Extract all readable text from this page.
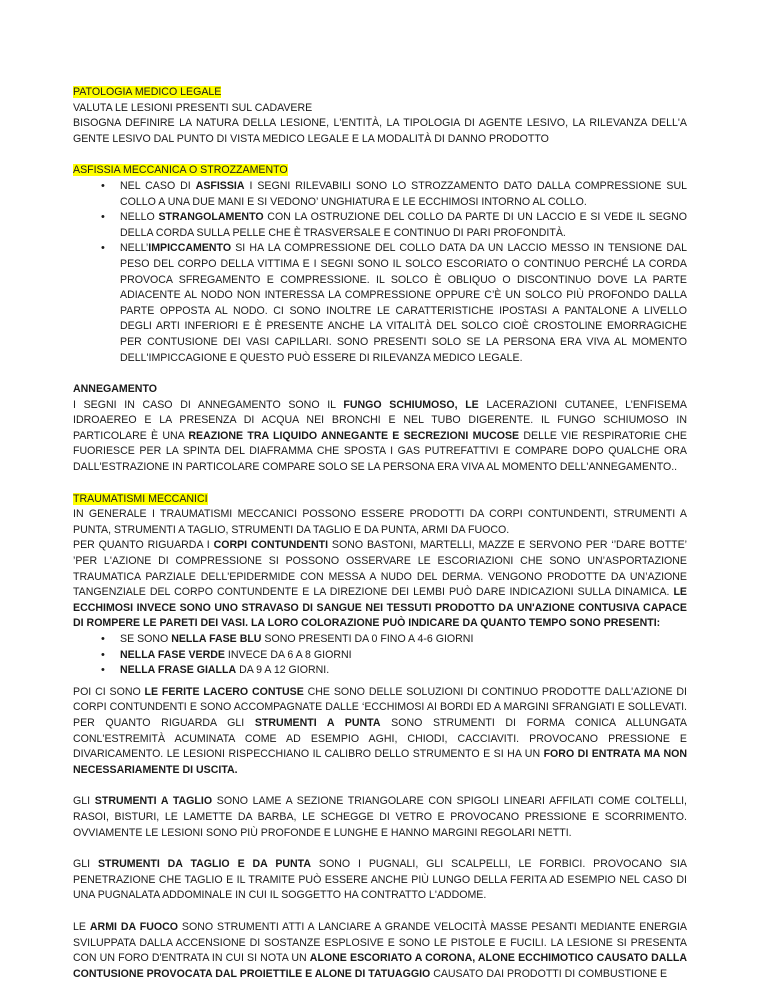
PATOLOGIA MEDICO LEGALE
VALUTA LE LESIONI PRESENTI SUL CADAVERE
BISOGNA DEFINIRE LA NATURA DELLA LESIONE, L'ENTITÀ, LA TIPOLOGIA DI AGENTE LESIVO, LA RILEVANZA DELL'A GENTE LESIVO DAL PUNTO DI VISTA MEDICO LEGALE E LA MODALITÀ DI DANNO PRODOTTO
ASFISSIA MECCANICA O STROZZAMENTO
• NEL CASO DI ASFISSIA I SEGNI RILEVABILI SONO LO STROZZAMENTO DATO DALLA COMPRESSIONE SUL COLLO A UNA DUE MANI E SI VEDONO’ UNGHIATURA E LE ECCHIMOSI INTORNO AL COLLO.
• NELLO STRANGOLAMENTO CON LA OSTRUZIONE DEL COLLO DA PARTE DI UN LACCIO E SI VEDE IL SEGNO DELLA CORDA SULLA PELLE CHE È TRASVERSALE E CONTINUO DI PARI PROFONDITÀ.
• NELL’IMPICCAMENTO SI HA LA COMPRESSIONE DEL COLLO DATA DA UN LACCIO MESSO IN TENSIONE DAL PESO DEL CORPO DELLA VITTIMA E I SEGNI SONO IL SOLCO ESCORIATO O CONTINUO PERCHÉ LA CORDA PROVOCA SFREGAMENTO E COMPRESSIONE. IL SOLCO È OBLIQUO O DISCONTINUO DOVE LA PARTE ADIACENTE AL NODO NON INTERESSA LA COMPRESSIONE OPPURE C’È UN SOLCO PIÙ PROFONDO DALLA PARTE OPPOSTA AL NODO. CI SONO INOLTRE LE CARATTERISTICHE IPOSTASI A PANTALONE A LIVELLO DEGLI ARTI INFERIORI E È PRESENTE ANCHE LA VITALITÀ DEL SOLCO CIOÈ CROSTOLINE EMORRAGICHE PER CONTUSIONE DEI VASI CAPILLARI. SONO PRESENTI SOLO SE LA PERSONA ERA VIVA AL MOMENTO DELL'IMPICCAGIONE E QUESTO PUÒ ESSERE DI RILEVANZA MEDICO LEGALE.
ANNEGAMENTO
I SEGNI IN CASO DI ANNEGAMENTO SONO IL FUNGO SCHIUMOSO, LE LACERAZIONI CUTANEE, L’ENFISEMA IDROAEREO E LA PRESENZA DI ACQUA NEI BRONCHI E NEL TUBO DIGERENTE. IL FUNGO SCHIUMOSO IN PARTICOLARE È UNA REAZIONE TRA LIQUIDO ANNEGANTE E SECREZIONI MUCOSE DELLE VIE RESPIRATORIE CHE FUORIESCE PER LA SPINTA DEL DIAFRAMMA CHE SPOSTA I GAS PUTREFATTIVI E COMPARE DOPO QUALCHE ORA DALL'ESTRAZIONE IN PARTICOLARE COMPARE SOLO SE LA PERSONA ERA VIVA AL MOMENTO DELL'ANNEGAMENTO..
TRAUMATISMI MECCANICI
IN GENERALE I TRAUMATISMI MECCANICI POSSONO ESSERE PRODOTTI DA CORPI CONTUNDENTI, STRUMENTI A PUNTA, STRUMENTI A TAGLIO, STRUMENTI DA TAGLIO E DA PUNTA, ARMI DA FUOCO.
PER QUANTO RIGUARDA I CORPI CONTUNDENTI SONO BASTONI, MARTELLI, MAZZE E SERVONO PER ‘’DARE BOTTE’ ’PER L'AZIONE DI COMPRESSIONE SI POSSONO OSSERVARE LE ESCORIAZIONI CHE SONO UN’ASPORTAZIONE TRAUMATICA PARZIALE DELL'EPIDERMIDE CON MESSA A NUDO DEL DERMA. VENGONO PRODOTTE DA UN’AZIONE TANGENZIALE DEL CORPO CONTUNDENTE E LA DIREZIONE DEI LEMBI PUÒ DARE INDICAZIONI SULLA DINAMICA. LE ECCHIMOSI INVECE SONO UNO STRAVASO DI SANGUE NEI TESSUTI PRODOTTO DA UN'AZIONE CONTUSIVA CAPACE DI ROMPERE LE PARETI DEI VASI. LA LORO COLORAZIONE PUÒ INDICARE DA QUANTO TEMPO SONO PRESENTI:
• SE SONO NELLA FASE BLU SONO PRESENTI DA 0 FINO A 4-6 GIORNI
• NELLA FASE VERDE INVECE DA 6 A 8 GIORNI
• NELLA FRASE GIALLA DA 9 A 12 GIORNI.
POI CI SONO LE FERITE LACERO CONTUSE CHE SONO DELLE SOLUZIONI DI CONTINUO PRODOTTE DALL'AZIONE DI CORPI CONTUNDENTI E SONO ACCOMPAGNATE DALLE ‘ECCHIMOSI AI BORDI ED A MARGINI SFRANGIATI E SOLLEVATI. PER QUANTO RIGUARDA GLI STRUMENTI A PUNTA SONO STRUMENTI DI FORMA CONICA ALLUNGATA CONL'ESTREMITÀ ACUMINATA COME AD ESEMPIO AGHI, CHIODI, CACCIAVITI. PROVOCANO PRESSIONE E DIVARICAMENTO. LE LESIONI RISPECCHIANO IL CALIBRO DELLO STRUMENTO E SI HA UN FORO DI ENTRATA MA NON NECESSARIAMENTE DI USCITA.
GLI STRUMENTI A TAGLIO SONO LAME A SEZIONE TRIANGOLARE CON SPIGOLI LINEARI AFFILATI COME COLTELLI, RASOI, BISTURI, LE LAMETTE DA BARBA, LE SCHEGGE DI VETRO E PROVOCANO PRESSIONE E SCORRIMENTO. OVVIAMENTE LE LESIONI SONO PIÙ PROFONDE E LUNGHE E HANNO MARGINI REGOLARI NETTI.
GLI STRUMENTI DA TAGLIO E DA PUNTA SONO I PUGNALI, GLI SCALPELLI, LE FORBICI. PROVOCANO SIA PENETRAZIONE CHE TAGLIO E IL TRAMITE PUÒ ESSERE ANCHE PIÙ LUNGO DELLA FERITA AD ESEMPIO NEL CASO DI UNA PUGNALATA ADDOMINALE IN CUI IL SOGGETTO HA CONTRATTO L'ADDOME.
LE ARMI DA FUOCO SONO STRUMENTI ATTI A LANCIARE A GRANDE VELOCITÀ MASSE PESANTI MEDIANTE ENERGIA SVILUPPATA DALLA ACCENSIONE DI SOSTANZE ESPLOSIVE E SONO LE PISTOLE E FUCILI. LA LESIONE SI PRESENTA CON UN FORO D'ENTRATA IN CUI SI NOTA UN ALONE ESCORIATO A CORONA, ALONE ECCHIMOTICO CAUSATO DALLA CONTUSIONE PROVOCATA DAL PROIETTILE E ALONE DI TATUAGGIO CAUSATO DAI PRODOTTI DI COMBUSTIONE E
